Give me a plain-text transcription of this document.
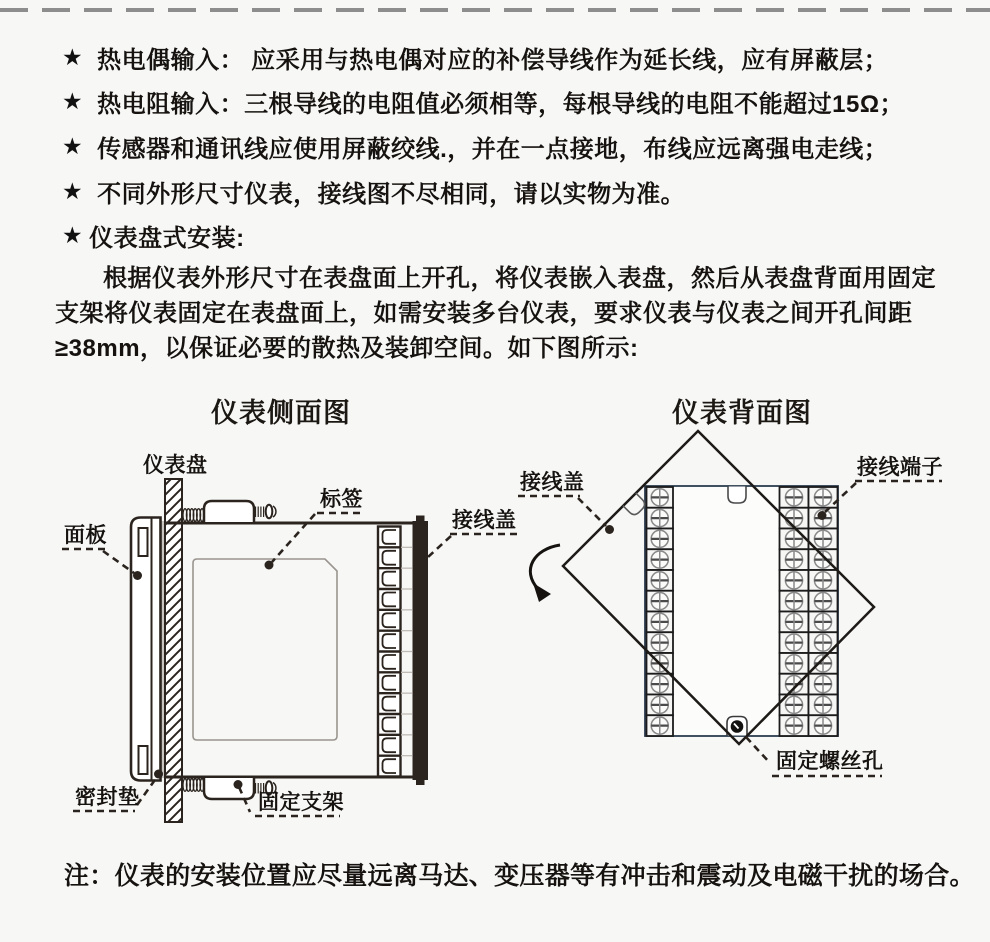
★ 热电偶输入： 应采用与热电偶对应的补偿导线作为延长线，应有屏蔽层；
★ 热电阻输入：三根导线的电阻值必须相等，每根导线的电阻不能超过15Ω；
★ 传感器和通讯线应使用屏蔽绞线.，并在一点接地，布线应远离强电走线；
★ 不同外形尺寸仪表，接线图不尽相同，请以实物为准。
★ 仪表盘式安装:
根据仪表外形尺寸在表盘面上开孔，将仪表嵌入表盘，然后从表盘背面用固定支架将仪表固定在表盘面上，如需安装多台仪表，要求仪表与仪表之间开孔间距≥38mm，以保证必要的散热及装卸空间。如下图所示:
仪表侧面图	仪表背面图
仪表盘
面板
标签
接线盖
密封垫	固定支架
接线盖
接线端子
固定螺丝孔
注：仪表的安装位置应尽量远离马达、变压器等有冲击和震动及电磁干扰的场合。
